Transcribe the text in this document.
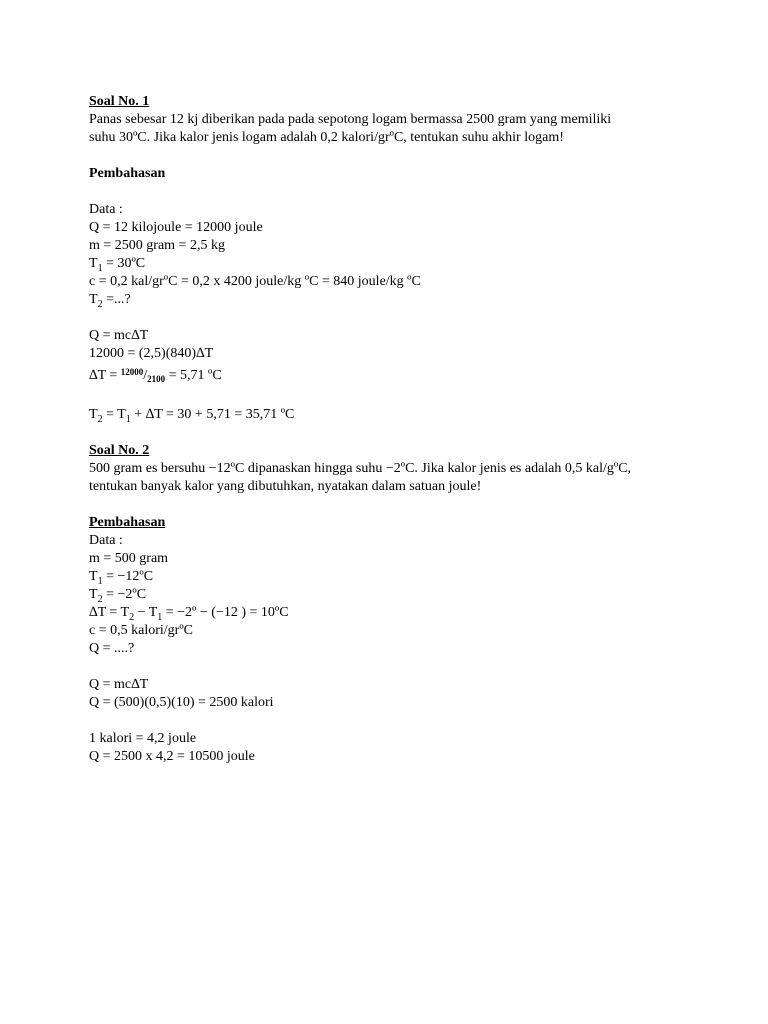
Soal No. 1
Panas sebesar 12 kj diberikan pada pada sepotong logam bermassa 2500 gram yang memiliki
suhu 30ºC. Jika kalor jenis logam adalah 0,2 kalori/grºC, tentukan suhu akhir logam!
Pembahasan
Data :
Q = 12 kilojoule = 12000 joule
m = 2500 gram = 2,5 kg
$T_1$ = 30ºC
c = 0,2 kal/grºC = 0,2 x 4200 joule/kg ºC = 840 joule/kg ºC
$T_2$ =...?
Q = mc∆T
12000 = (2,5)(840)∆T
$\Delta T = ^{12000}/_{2100} = 5,71$ ºC
$T_2 = T_1 + \Delta T = 30 + 5,71 = 35,71$ ºC
Soal No. 2
500 gram es bersuhu −12ºC dipanaskan hingga suhu −2ºC. Jika kalor jenis es adalah 0,5 kal/gºC,
tentukan banyak kalor yang dibutuhkan, nyatakan dalam satuan joule!
Pembahasan
Data :
m = 500 gram
$T_1$ = −12ºC
$T_2$ = −2ºC
$\Delta T = T_2 - T_1$ = −2º − (−12 ) = 10ºC
c = 0,5 kalori/grºC
Q = ....?
Q = mc∆T
Q = (500)(0,5)(10) = 2500 kalori
1 kalori = 4,2 joule
Q = 2500 x 4,2 = 10500 joule
